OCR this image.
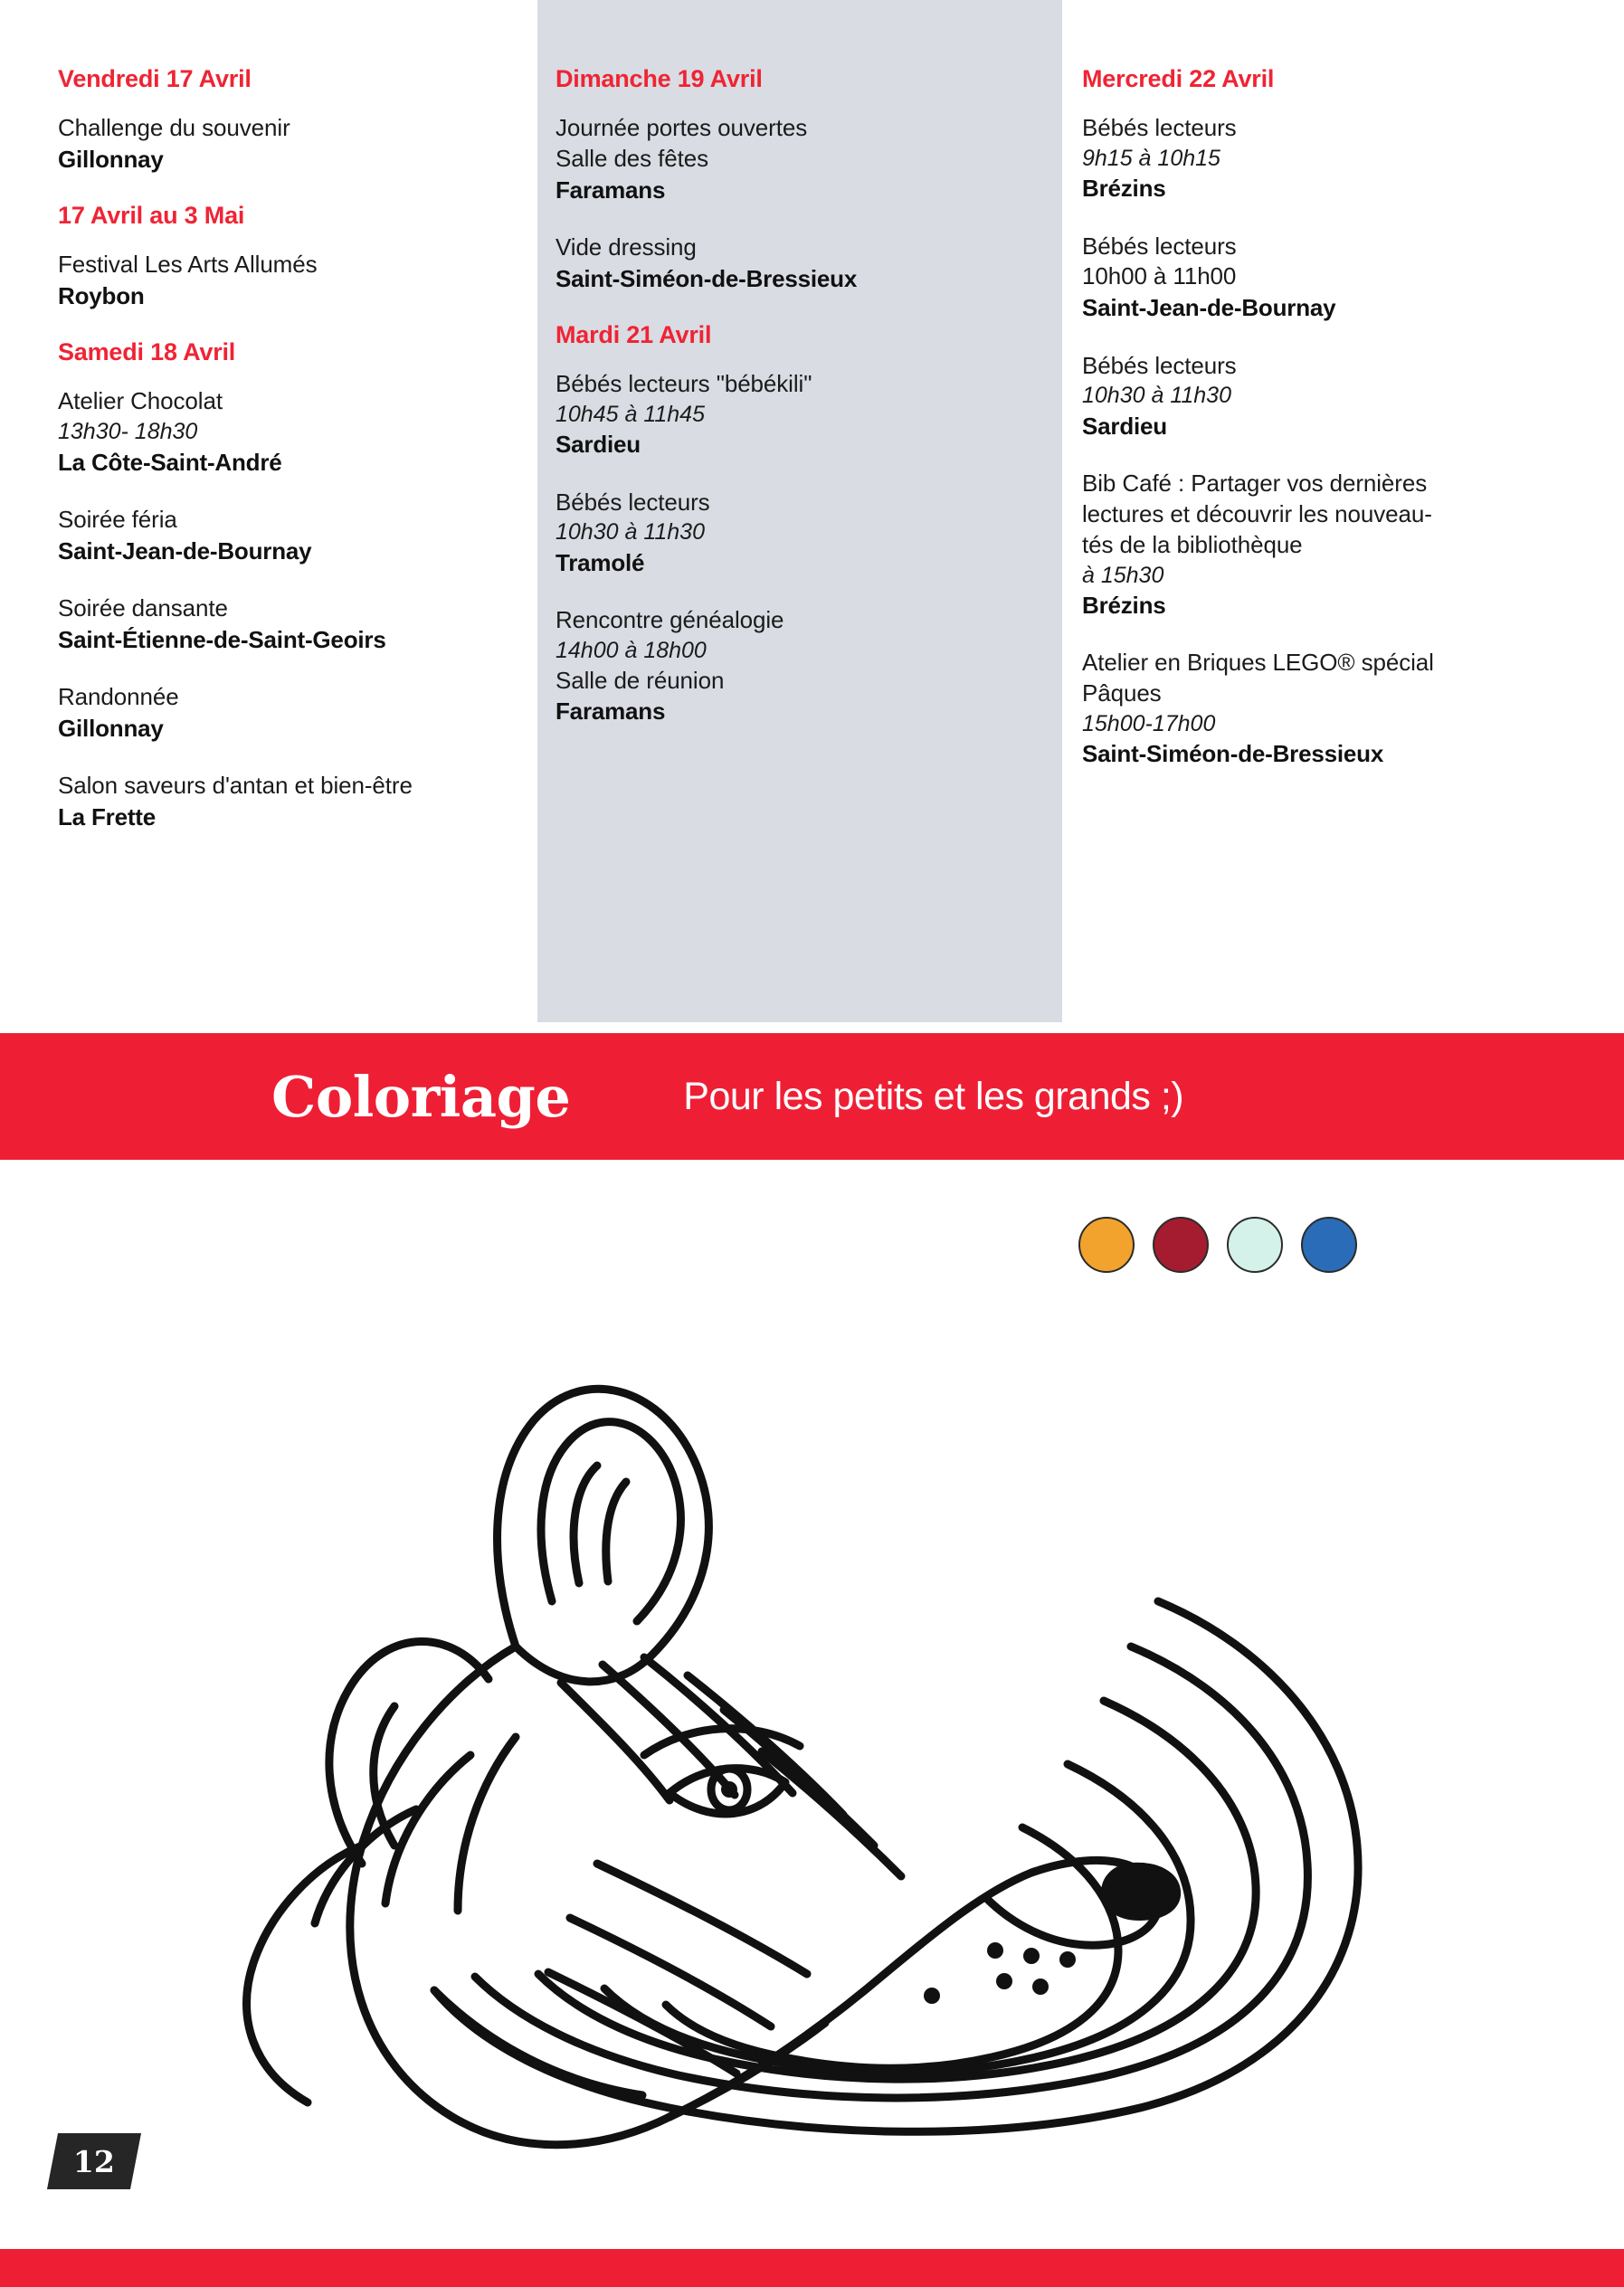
Vendredi 17 Avril
Challenge du souvenir
Gillonnay
17 Avril au 3 Mai
Festival Les Arts Allumés
Roybon
Samedi 18 Avril
Atelier Chocolat
13h30- 18h30
La Côte-Saint-André
Soirée féria
Saint-Jean-de-Bournay
Soirée dansante
Saint-Étienne-de-Saint-Geoirs
Randonnée
Gillonnay
Salon saveurs d'antan et bien-être
La Frette
Dimanche 19 Avril
Journée portes ouvertes
Salle des fêtes
Faramans
Vide dressing
Saint-Siméon-de-Bressieux
Mardi 21 Avril
Bébés lecteurs "bébékili"
10h45 à 11h45
Sardieu
Bébés lecteurs
10h30 à 11h30
Tramolé
Rencontre généalogie
14h00 à 18h00
Salle de réunion
Faramans
Mercredi 22 Avril
Bébés lecteurs
9h15 à 10h15
Brézins
Bébés lecteurs
10h00 à 11h00
Saint-Jean-de-Bournay
Bébés lecteurs
10h30 à 11h30
Sardieu
Bib Café : Partager vos dernières
lectures et découvrir les nouveau-
tés de la bibliothèque
à 15h30
Brézins
Atelier en Briques LEGO® spécial
Pâques
15h00-17h00
Saint-Siméon-de-Bressieux
Coloriage	Pour les petits et les grands ;)
12
